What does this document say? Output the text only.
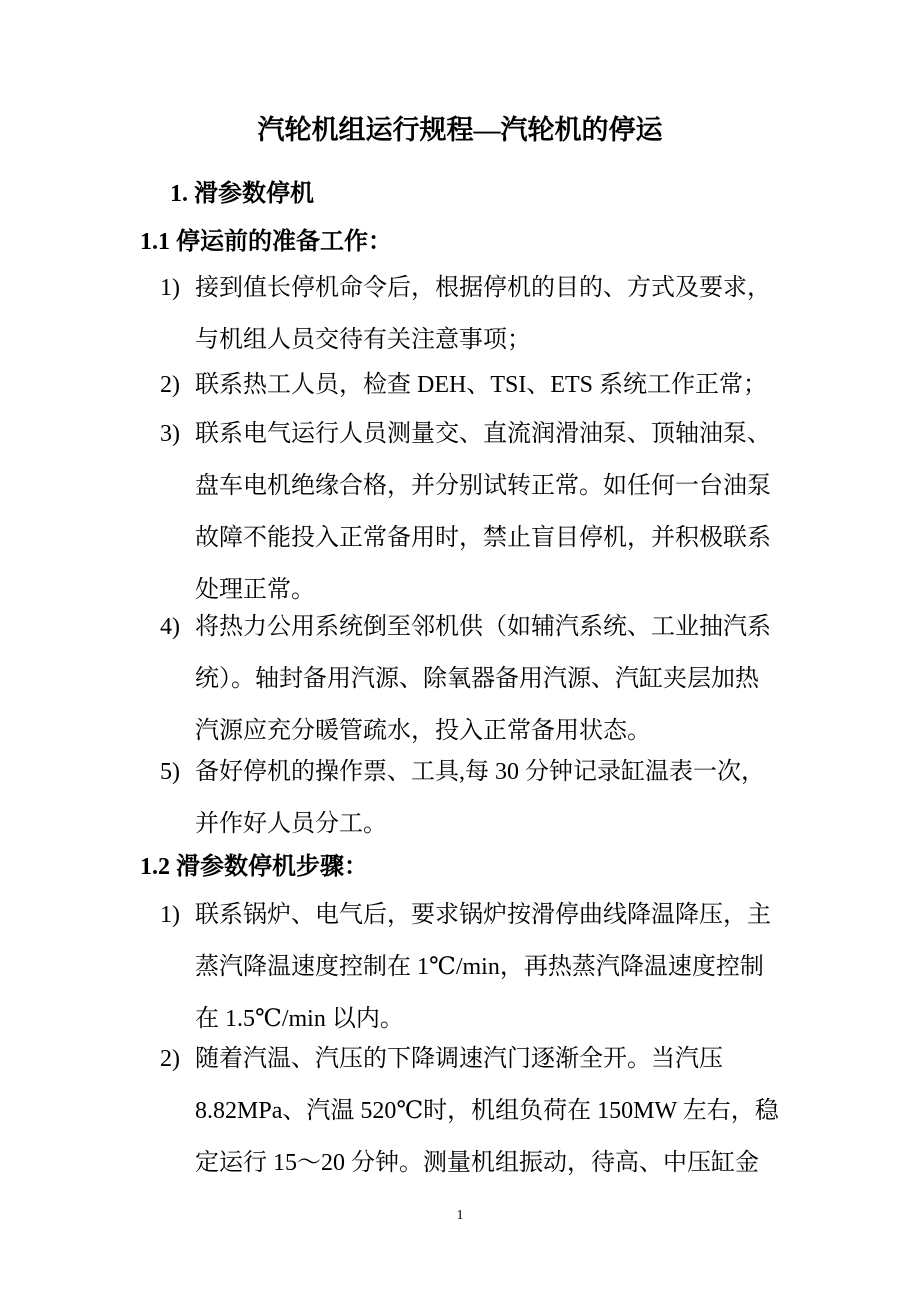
汽轮机组运行规程—汽轮机的停运
1. 滑参数停机
1.1 停运前的准备工作：
1) 接到值长停机命令后，根据停机的目的、方式及要求，
与机组人员交待有关注意事项；
2) 联系热工人员，检查 DEH、TSI、ETS 系统工作正常；
3) 联系电气运行人员测量交、直流润滑油泵、顶轴油泵、
盘车电机绝缘合格，并分别试转正常。如任何一台油泵
故障不能投入正常备用时，禁止盲目停机，并积极联系
处理正常。
4) 将热力公用系统倒至邻机供（如辅汽系统、工业抽汽系
统）。轴封备用汽源、除氧器备用汽源、汽缸夹层加热
汽源应充分暖管疏水，投入正常备用状态。
5) 备好停机的操作票、工具,每 30 分钟记录缸温表一次，
并作好人员分工。
1.2 滑参数停机步骤：
1) 联系锅炉、电气后，要求锅炉按滑停曲线降温降压，主
蒸汽降温速度控制在 1℃/min，再热蒸汽降温速度控制
在 1.5℃/min 以内。
2) 随着汽温、汽压的下降调速汽门逐渐全开。当汽压
8.82MPa、汽温 520℃时，机组负荷在 150MW 左右，稳
定运行 15～20 分钟。测量机组振动，待高、中压缸金
1
